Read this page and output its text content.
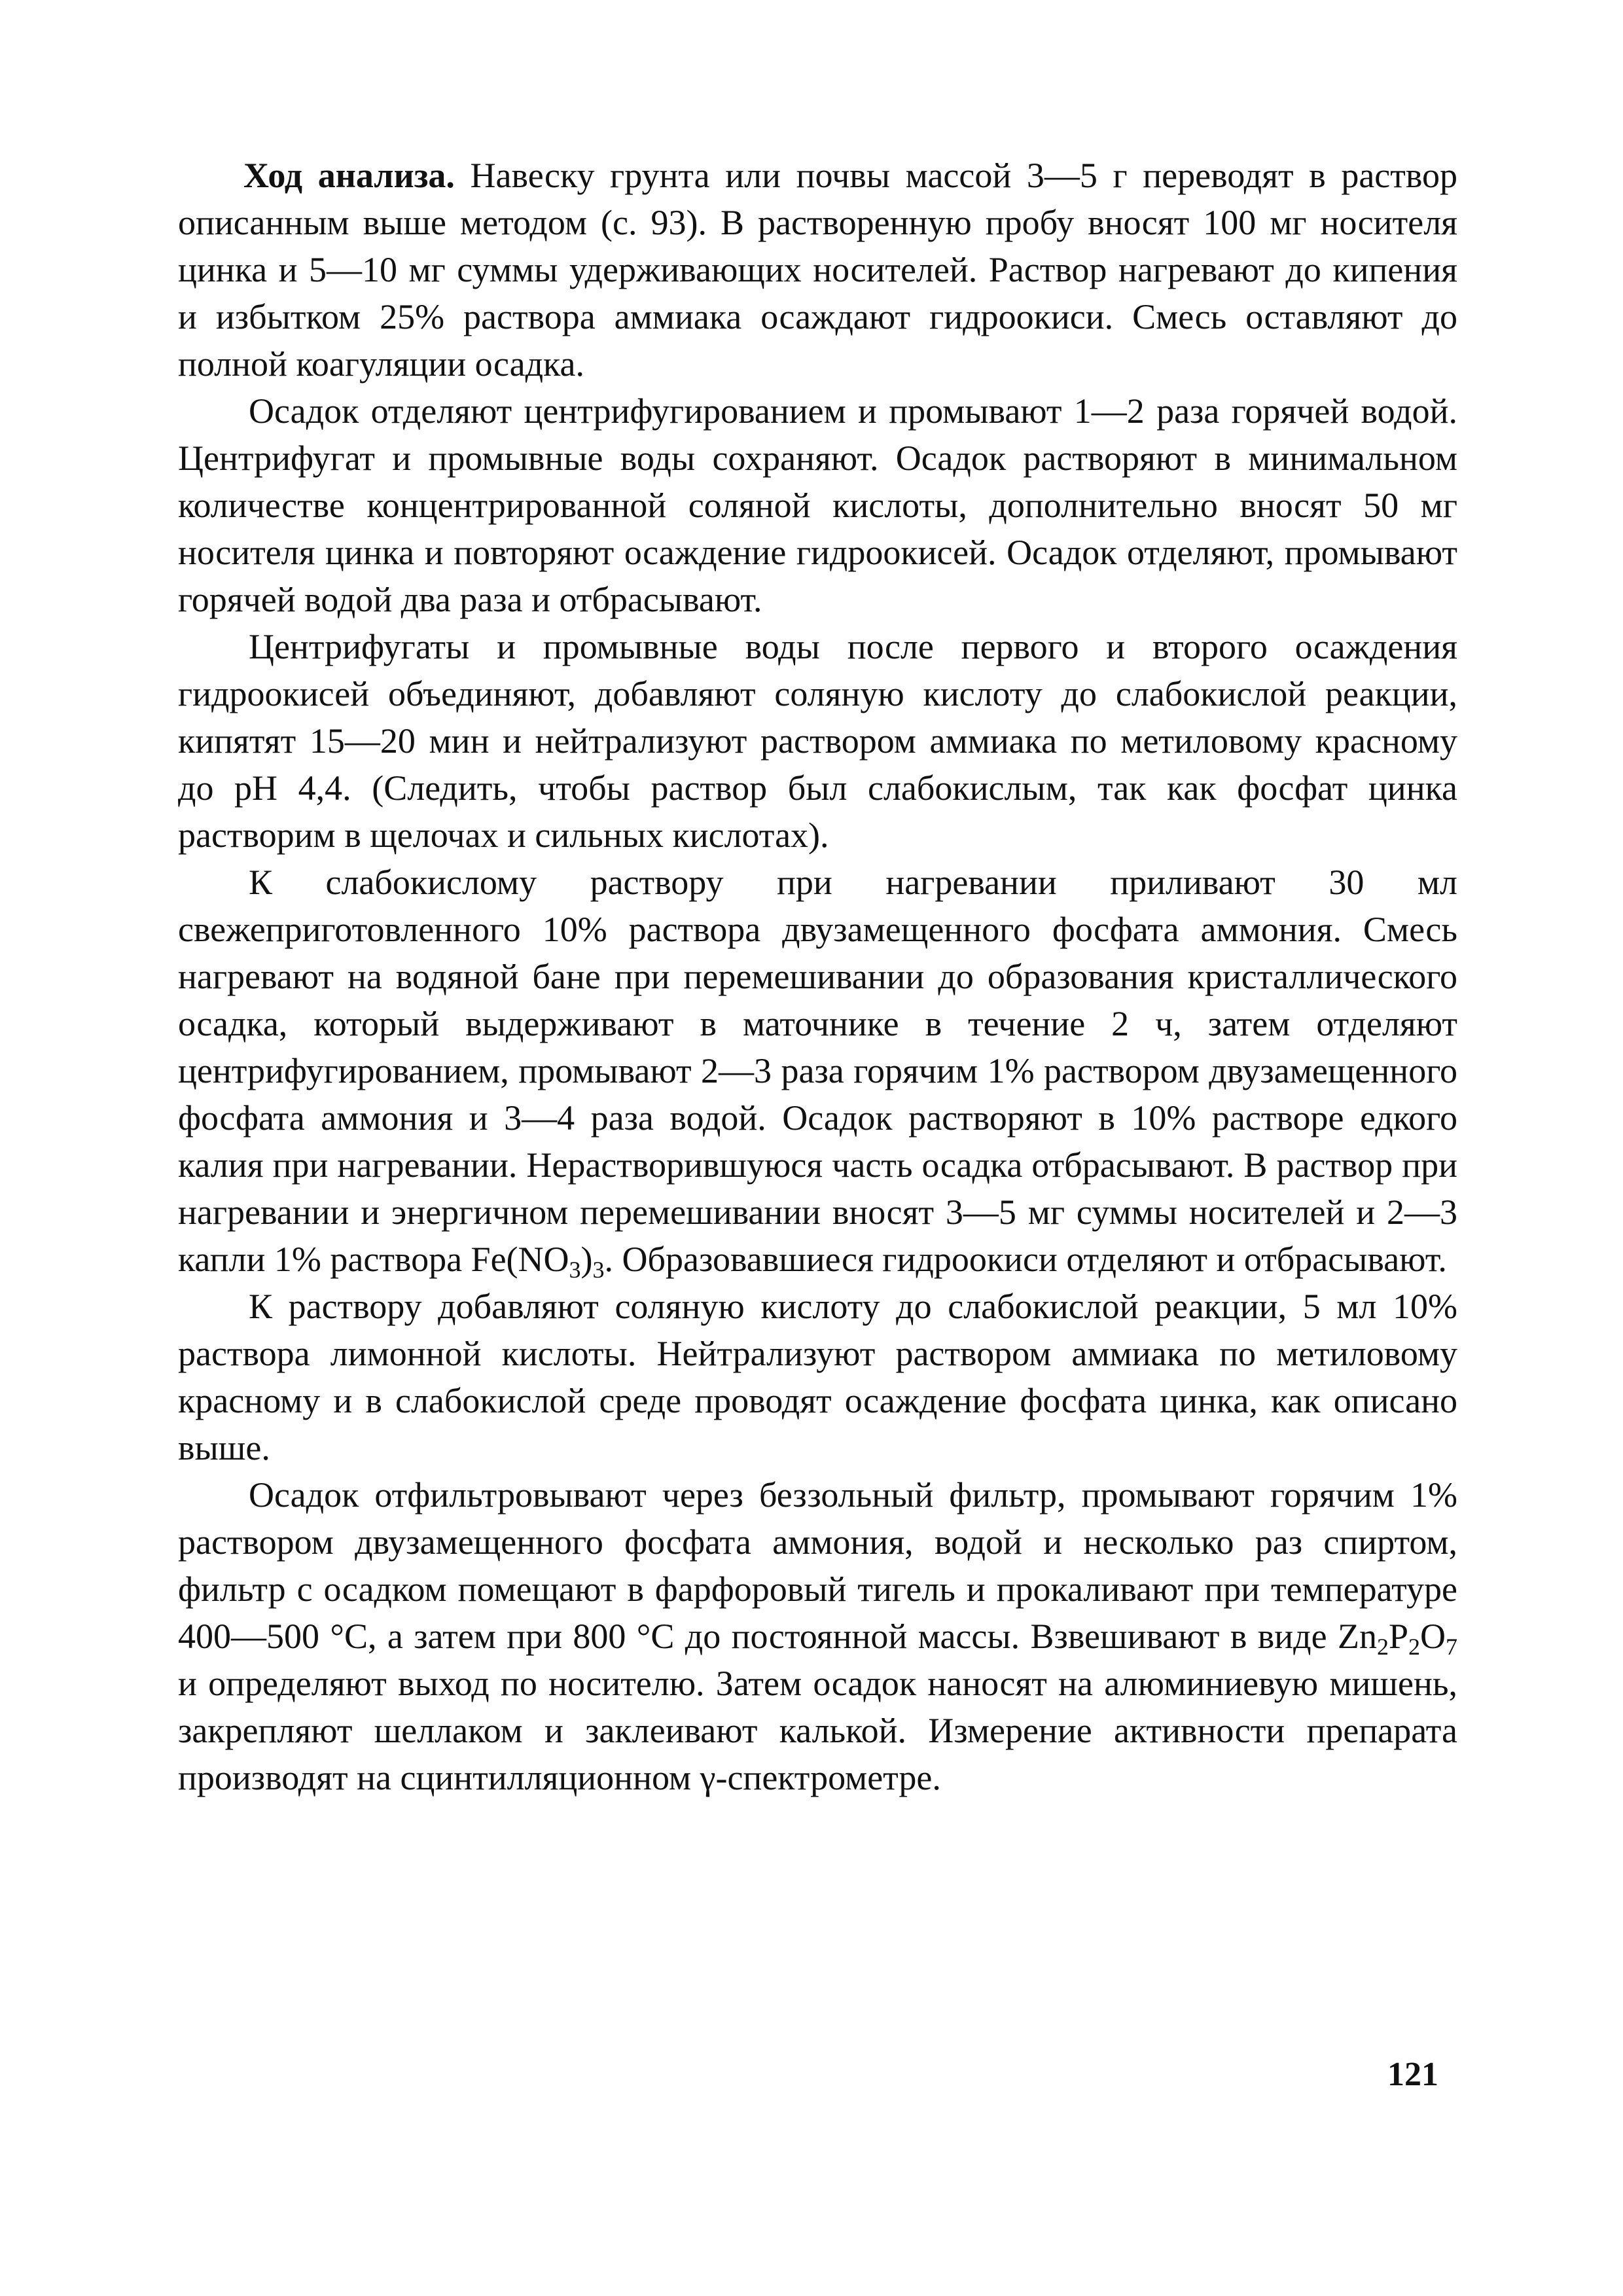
Ход анализа. Навеску грунта или почвы массой 3—5 г переводят в раствор описанным выше методом (с. 93). В растворенную пробу вносят 100 мг носителя цинка и 5—10 мг суммы удерживающих носителей. Раствор нагревают до кипения и избытком 25% раствора аммиака осаждают гидроокиси. Смесь оставляют до полной коагуляции осадка.

Осадок отделяют центрифугированием и промывают 1—2 раза горячей водой. Центрифугат и промывные воды сохраняют. Осадок растворяют в минимальном количестве концентрированной соляной кислоты, дополнительно вносят 50 мг носителя цинка и повторяют осаждение гидроокисей. Осадок отделяют, промывают горячей водой два раза и отбрасывают.

Центрифугаты и промывные воды после первого и второго осаждения гидроокисей объединяют, добавляют соляную кислоту до слабокислой реакции, кипятят 15—20 мин и нейтрализуют раствором аммиака по метиловому красному до pH 4,4. (Следить, чтобы раствор был слабокислым, так как фосфат цинка растворим в щелочах и сильных кислотах).

К слабокислому раствору при нагревании приливают 30 мл свежеприготовленного 10% раствора двузамещенного фосфата аммония. Смесь нагревают на водяной бане при перемешивании до образования кристаллического осадка, который выдерживают в маточнике в течение 2 ч, затем отделяют центрифугированием, промывают 2—3 раза горячим 1% раствором двузамещенного фосфата аммония и 3—4 раза водой. Осадок растворяют в 10% растворе едкого калия при нагревании. Нерастворившуюся часть осадка отбрасывают. В раствор при нагревании и энергичном перемешивании вносят 3—5 мг суммы носителей и 2—3 капли 1% раствора $Fe(NO_3)_3$. Образовавшиеся гидроокиси отделяют и отбрасывают.

К раствору добавляют соляную кислоту до слабокислой реакции, 5 мл 10% раствора лимонной кислоты. Нейтрализуют раствором аммиака по метиловому красному и в слабокислой среде проводят осаждение фосфата цинка, как описано выше.

Осадок отфильтровывают через беззольный фильтр, промывают горячим 1% раствором двузамещенного фосфата аммония, водой и несколько раз спиртом, фильтр с осадком помещают в фарфоровый тигель и прокаливают при температуре 400—500 °С, а затем при 800 °С до постоянной массы. Взвешивают в виде $Zn_2P_2O_7$ и определяют выход по носителю. Затем осадок наносят на алюминиевую мишень, закрепляют шеллаком и заклеивают калькой. Измерение активности препарата производят на сцинтилляционном γ-спектрометре.

121
